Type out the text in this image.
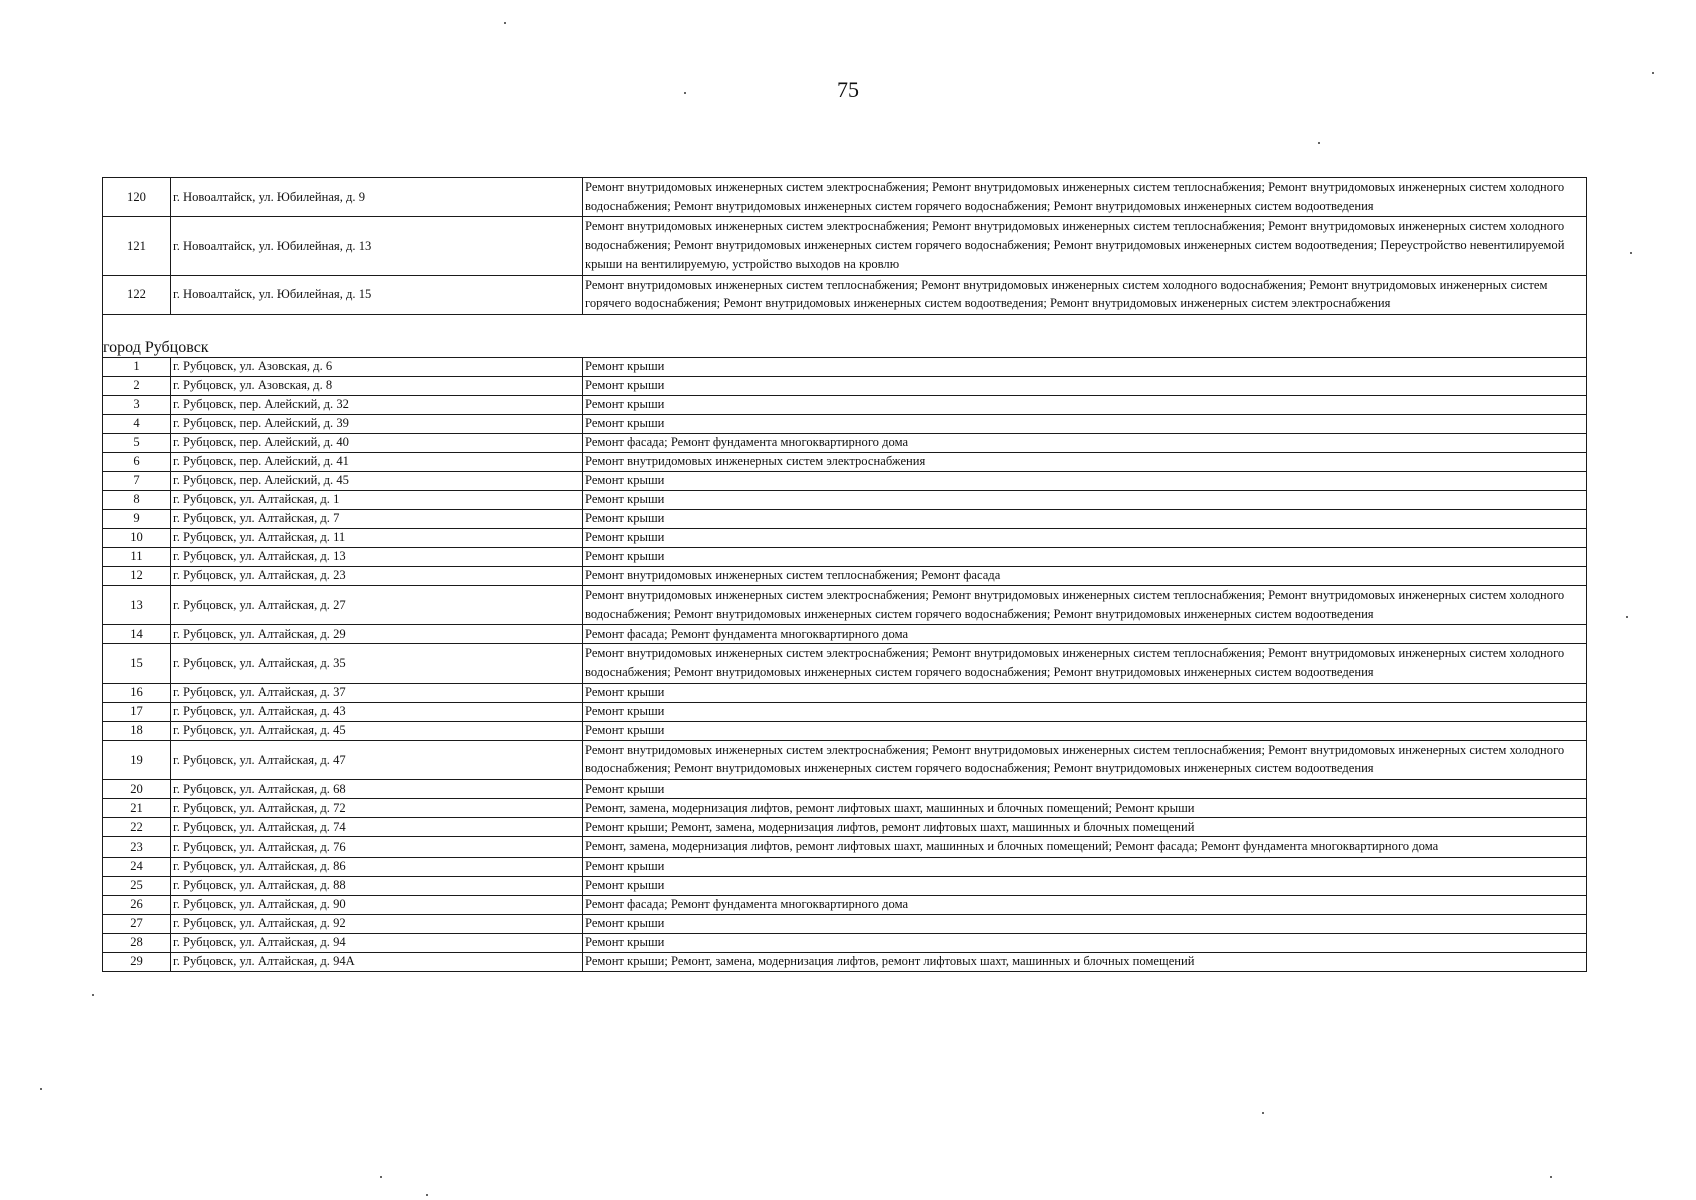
75
120	г. Новоалтайск, ул. Юбилейная, д. 9	Ремонт внутридомовых инженерных систем электроснабжения; Ремонт внутридомовых инженерных систем теплоснабжения; Ремонт внутридомовых инженерных систем холодного водоснабжения; Ремонт внутридомовых инженерных систем горячего водоснабжения; Ремонт внутридомовых инженерных систем водоотведения
121	г. Новоалтайск, ул. Юбилейная, д. 13	Ремонт внутридомовых инженерных систем электроснабжения; Ремонт внутридомовых инженерных систем теплоснабжения; Ремонт внутридомовых инженерных систем холодного водоснабжения; Ремонт внутридомовых инженерных систем горячего водоснабжения; Ремонт внутридомовых инженерных систем водоотведения; Переустройство невентилируемой крыши на вентилируемую, устройство выходов на кровлю
122	г. Новоалтайск, ул. Юбилейная, д. 15	Ремонт внутридомовых инженерных систем теплоснабжения; Ремонт внутридомовых инженерных систем холодного водоснабжения; Ремонт внутридомовых инженерных систем горячего водоснабжения; Ремонт внутридомовых инженерных систем водоотведения; Ремонт внутридомовых инженерных систем электроснабжения
город Рубцовск		
1	г. Рубцовск, ул. Азовская, д. 6	Ремонт крыши
2	г. Рубцовск, ул. Азовская, д. 8	Ремонт крыши
3	г. Рубцовск, пер. Алейский, д. 32	Ремонт крыши
4	г. Рубцовск, пер. Алейский, д. 39	Ремонт крыши
5	г. Рубцовск, пер. Алейский, д. 40	Ремонт фасада; Ремонт фундамента многоквартирного дома
6	г. Рубцовск, пер. Алейский, д. 41	Ремонт внутридомовых инженерных систем электроснабжения
7	г. Рубцовск, пер. Алейский, д. 45	Ремонт крыши
8	г. Рубцовск, ул. Алтайская, д. 1	Ремонт крыши
9	г. Рубцовск, ул. Алтайская, д. 7	Ремонт крыши
10	г. Рубцовск, ул. Алтайская, д. 11	Ремонт крыши
11	г. Рубцовск, ул. Алтайская, д. 13	Ремонт крыши
12	г. Рубцовск, ул. Алтайская, д. 23	Ремонт внутридомовых инженерных систем теплоснабжения; Ремонт фасада
13	г. Рубцовск, ул. Алтайская, д. 27	Ремонт внутридомовых инженерных систем электроснабжения; Ремонт внутридомовых инженерных систем теплоснабжения; Ремонт внутридомовых инженерных систем холодного водоснабжения; Ремонт внутридомовых инженерных систем горячего водоснабжения; Ремонт внутридомовых инженерных систем водоотведения
14	г. Рубцовск, ул. Алтайская, д. 29	Ремонт фасада; Ремонт фундамента многоквартирного дома
15	г. Рубцовск, ул. Алтайская, д. 35	Ремонт внутридомовых инженерных систем электроснабжения; Ремонт внутридомовых инженерных систем теплоснабжения; Ремонт внутридомовых инженерных систем холодного водоснабжения; Ремонт внутридомовых инженерных систем горячего водоснабжения; Ремонт внутридомовых инженерных систем водоотведения
16	г. Рубцовск, ул. Алтайская, д. 37	Ремонт крыши
17	г. Рубцовск, ул. Алтайская, д. 43	Ремонт крыши
18	г. Рубцовск, ул. Алтайская, д. 45	Ремонт крыши
19	г. Рубцовск, ул. Алтайская, д. 47	Ремонт внутридомовых инженерных систем электроснабжения; Ремонт внутридомовых инженерных систем теплоснабжения; Ремонт внутридомовых инженерных систем холодного водоснабжения; Ремонт внутридомовых инженерных систем горячего водоснабжения; Ремонт внутридомовых инженерных систем водоотведения
20	г. Рубцовск, ул. Алтайская, д. 68	Ремонт крыши
21	г. Рубцовск, ул. Алтайская, д. 72	Ремонт, замена, модернизация лифтов, ремонт лифтовых шахт, машинных и блочных помещений; Ремонт крыши
22	г. Рубцовск, ул. Алтайская, д. 74	Ремонт крыши; Ремонт, замена, модернизация лифтов, ремонт лифтовых шахт, машинных и блочных помещений
23	г. Рубцовск, ул. Алтайская, д. 76	Ремонт, замена, модернизация лифтов, ремонт лифтовых шахт, машинных и блочных помещений; Ремонт фасада; Ремонт фундамента многоквартирного дома
24	г. Рубцовск, ул. Алтайская, д. 86	Ремонт крыши
25	г. Рубцовск, ул. Алтайская, д. 88	Ремонт крыши
26	г. Рубцовск, ул. Алтайская, д. 90	Ремонт фасада; Ремонт фундамента многоквартирного дома
27	г. Рубцовск, ул. Алтайская, д. 92	Ремонт крыши
28	г. Рубцовск, ул. Алтайская, д. 94	Ремонт крыши
29	г. Рубцовск, ул. Алтайская, д. 94А	Ремонт крыши; Ремонт, замена, модернизация лифтов, ремонт лифтовых шахт, машинных и блочных помещений
